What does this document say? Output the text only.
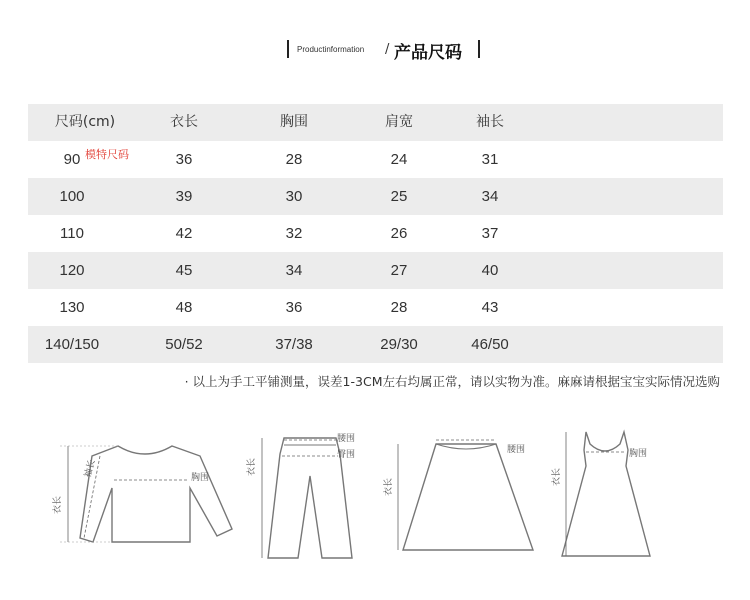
Productinformation / 产品尺码
尺码(cm)	衣长	胸围	肩宽	袖长
90 模特尺码	36	28	24	31
100	39	30	25	34
110	42	32	26	37
120	45	34	27	40
130	48	36	28	43
140/150	50/52	37/38	29/30	46/50
· 以上为手工平铺测量，误差1-3CM左右均属正常，请以实物为准。麻麻请根据宝宝实际情况选购
衣长
袖长	胸围
腰围
臀围
衣长
腰围
衣长
胸围
衣长
